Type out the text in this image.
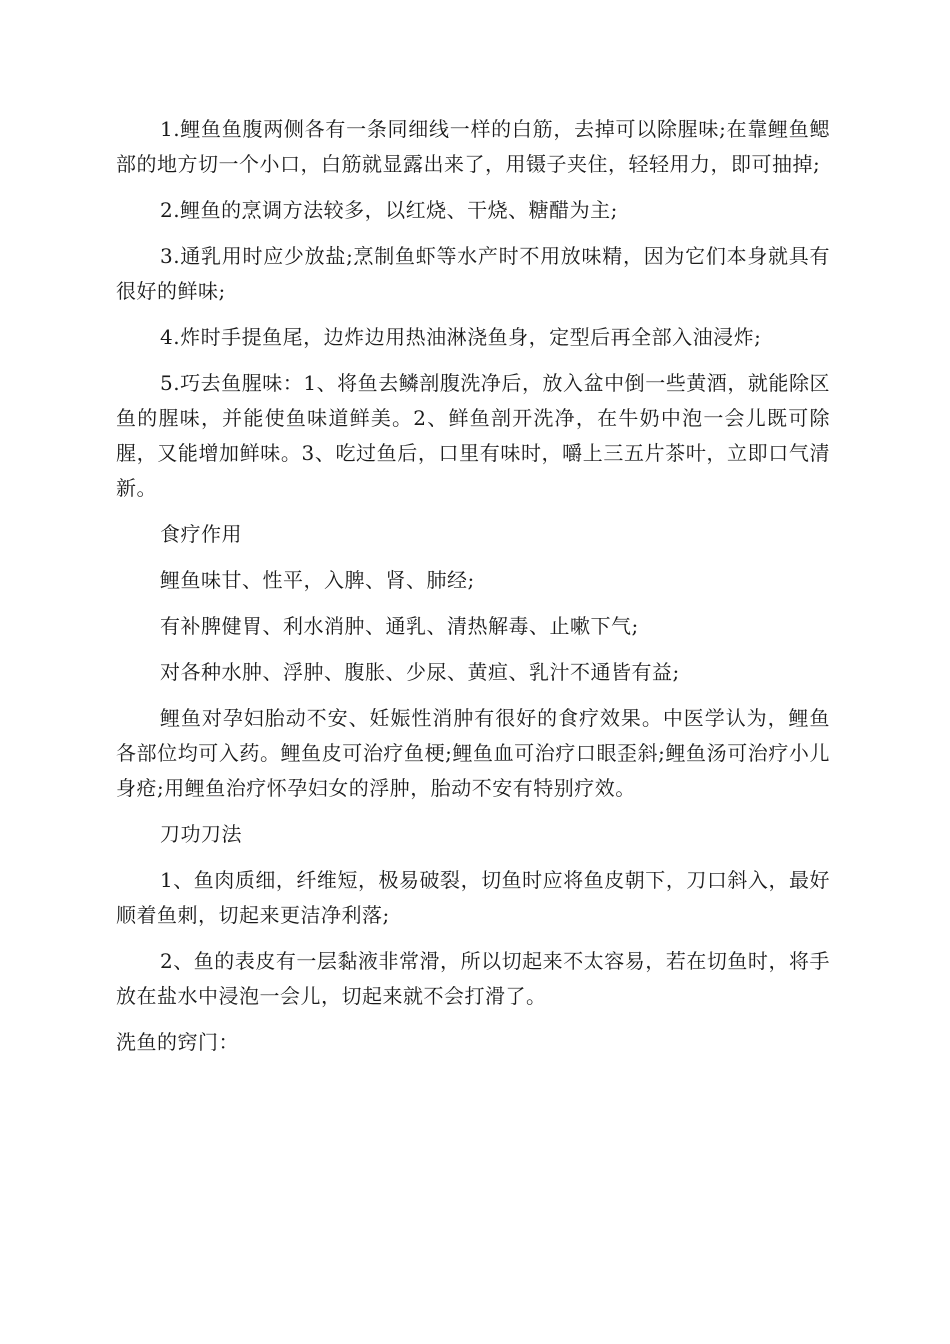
1.鲤鱼鱼腹两侧各有一条同细线一样的白筋，去掉可以除腥味;在靠鲤鱼鳃部的地方切一个小口，白筋就显露出来了，用镊子夹住，轻轻用力，即可抽掉;

2.鲤鱼的烹调方法较多，以红烧、干烧、糖醋为主;

3.通乳用时应少放盐;烹制鱼虾等水产时不用放味精，因为它们本身就具有很好的鲜味;

4.炸时手提鱼尾，边炸边用热油淋浇鱼身，定型后再全部入油浸炸;

5.巧去鱼腥味：1、将鱼去鳞剖腹洗净后，放入盆中倒一些黄酒，就能除区鱼的腥味，并能使鱼味道鲜美。2、鲜鱼剖开洗净，在牛奶中泡一会儿既可除腥，又能增加鲜味。3、吃过鱼后，口里有味时，嚼上三五片茶叶，立即口气清新。

食疗作用

鲤鱼味甘、性平，入脾、肾、肺经;

有补脾健胃、利水消肿、通乳、清热解毒、止嗽下气;

对各种水肿、浮肿、腹胀、少尿、黄疸、乳汁不通皆有益;

鲤鱼对孕妇胎动不安、妊娠性消肿有很好的食疗效果。中医学认为，鲤鱼各部位均可入药。鲤鱼皮可治疗鱼梗;鲤鱼血可治疗口眼歪斜;鲤鱼汤可治疗小儿身疮;用鲤鱼治疗怀孕妇女的浮肿，胎动不安有特别疗效。

刀功刀法

1、鱼肉质细，纤维短，极易破裂，切鱼时应将鱼皮朝下，刀口斜入，最好顺着鱼刺，切起来更洁净利落;

2、鱼的表皮有一层黏液非常滑，所以切起来不太容易，若在切鱼时，将手放在盐水中浸泡一会儿，切起来就不会打滑了。

洗鱼的窍门：
